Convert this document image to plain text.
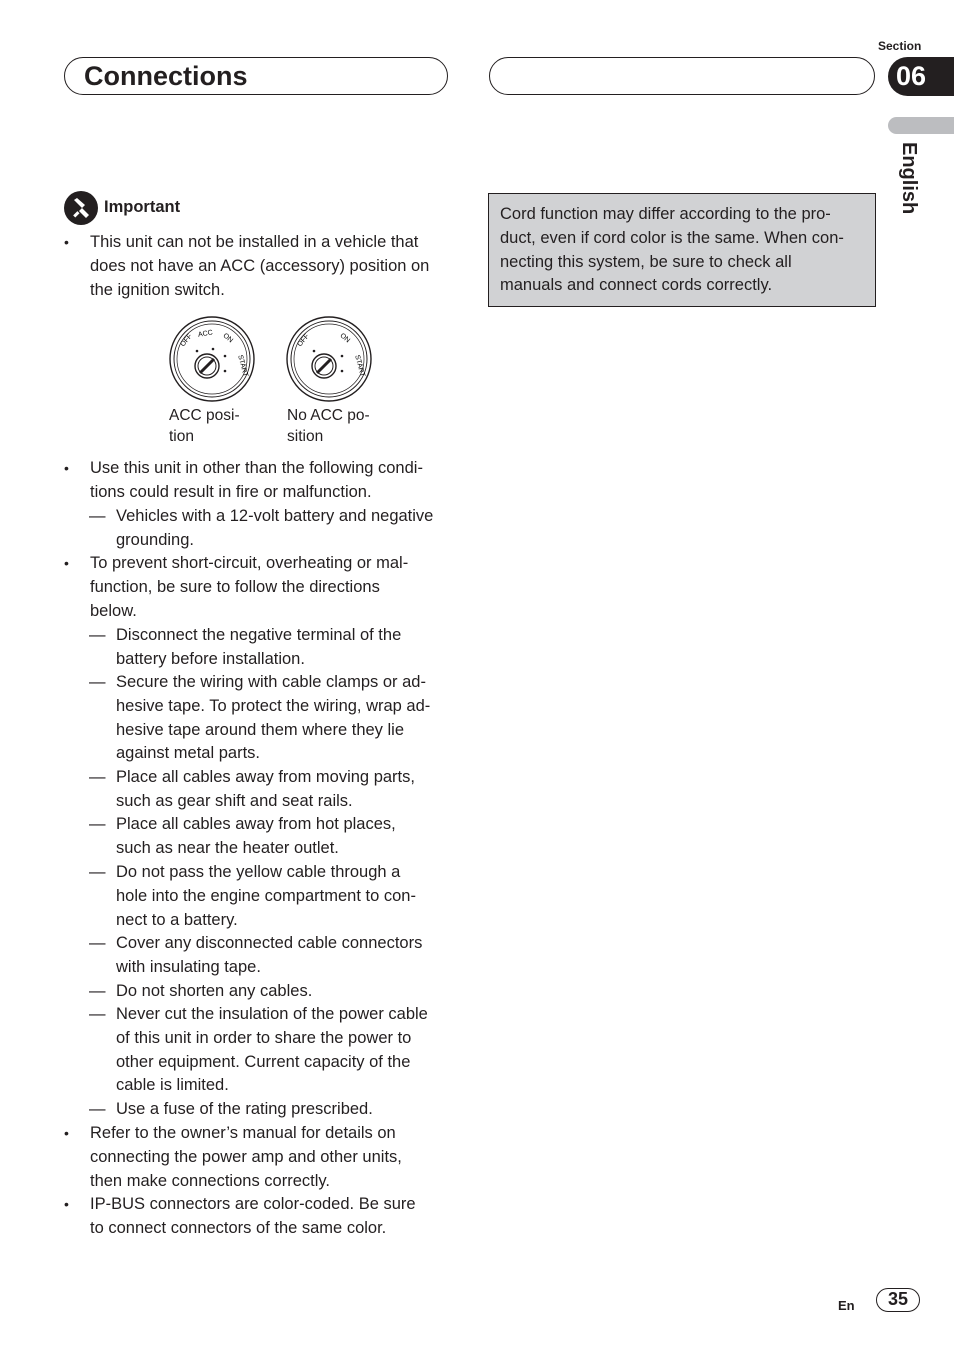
Connections
Section
06
English
Important
OFF ACC ON
START
OFF	ON
START
ACC posi-
tion
No ACC po-
sition
• This unit can not be installed in a vehicle that
does not have an ACC (accessory) position on
the ignition switch.
• Use this unit in other than the following condi-
tions could result in fire or malfunction.
— Vehicles with a 12-volt battery and negative
grounding.
• To prevent short-circuit, overheating or mal-
function, be sure to follow the directions
below.
— Disconnect the negative terminal of the
battery before installation.
— Secure the wiring with cable clamps or ad-
hesive tape. To protect the wiring, wrap ad-
hesive tape around them where they lie
against metal parts.
— Place all cables away from moving parts,
such as gear shift and seat rails.
— Place all cables away from hot places,
such as near the heater outlet.
— Do not pass the yellow cable through a
hole into the engine compartment to con-
nect to a battery.
— Cover any disconnected cable connectors
with insulating tape.
— Do not shorten any cables.
— Never cut the insulation of the power cable
of this unit in order to share the power to
other equipment. Current capacity of the
cable is limited.
— Use a fuse of the rating prescribed.
• Refer to the owner’s manual for details on
connecting the power amp and other units,
then make connections correctly.
• IP-BUS connectors are color-coded. Be sure
to connect connectors of the same color.
Cord function may differ according to the pro-
duct, even if cord color is the same. When con-
necting this system, be sure to check all
manuals and connect cords correctly.
En	35
